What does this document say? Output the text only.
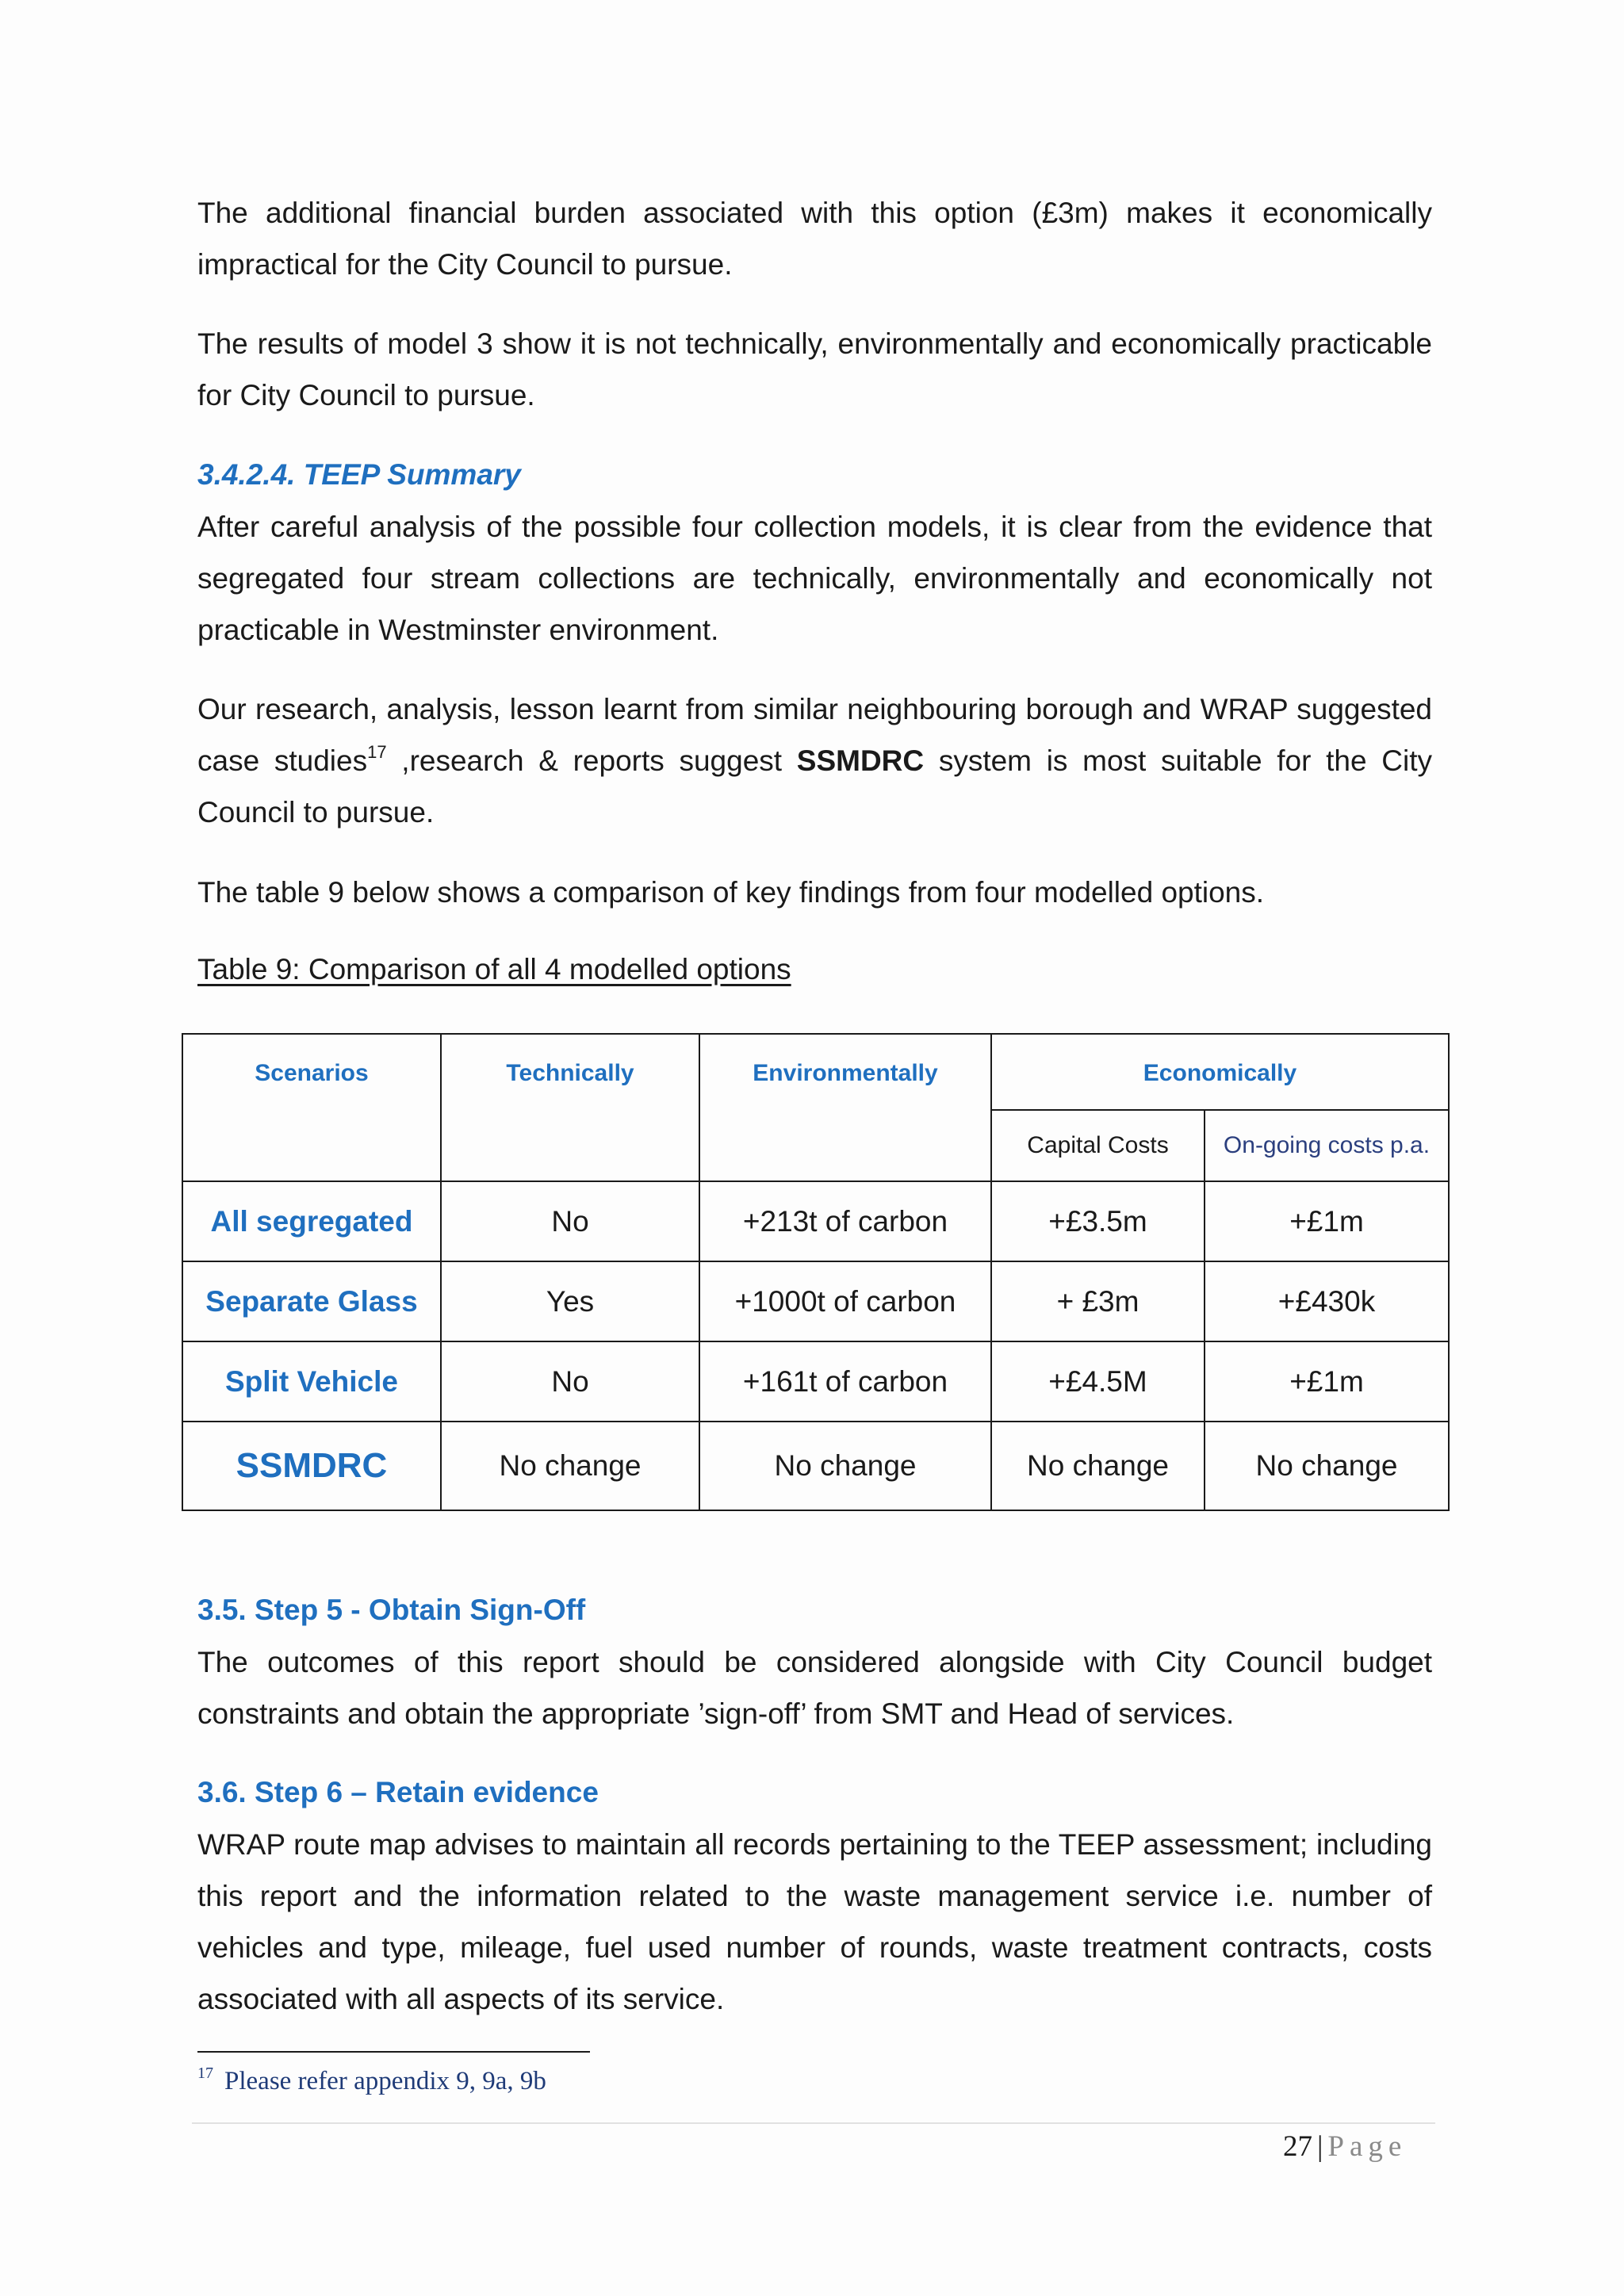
The additional financial burden associated with this option (£3m) makes it economically impractical for the City Council to pursue.

The results of model 3 show it is not technically, environmentally and economically practicable for City Council to pursue.

3.4.2.4. TEEP Summary

After careful analysis of the possible four collection models, it is clear from the evidence that segregated four stream collections are technically, environmentally and economically not practicable in Westminster environment.

Our research, analysis, lesson learnt from similar neighbouring borough and WRAP suggested case studies$^{17}$ ,research & reports suggest SSMDRC system is most suitable for the City Council to pursue.

The table 9 below shows a comparison of key findings from four modelled options.

Table 9: Comparison of all 4 modelled options

Scenarios	Technically	Environmentally	Economically	
			Capital Costs	On-going costs p.a.
All segregated	No	+213t of carbon	+£3.5m	+£1m
Separate Glass	Yes	+1000t of carbon	+ £3m	+£430k
Split Vehicle	No	+161t of carbon	+£4.5M	+£1m
SSMDRC	No change	No change	No change	No change
3.5. Step 5 - Obtain Sign-Off

The outcomes of this report should be considered alongside with City Council budget constraints and obtain the appropriate ’sign-off’ from SMT and Head of services.

3.6. Step 6 – Retain evidence

WRAP route map advises to maintain all records pertaining to the TEEP assessment; including this report and the information related to the waste management service i.e. number of vehicles and type, mileage, fuel used number of rounds, waste treatment contracts, costs associated with all aspects of its service.

$^{17}$ Please refer appendix 9, 9a, 9b

27 | Page
